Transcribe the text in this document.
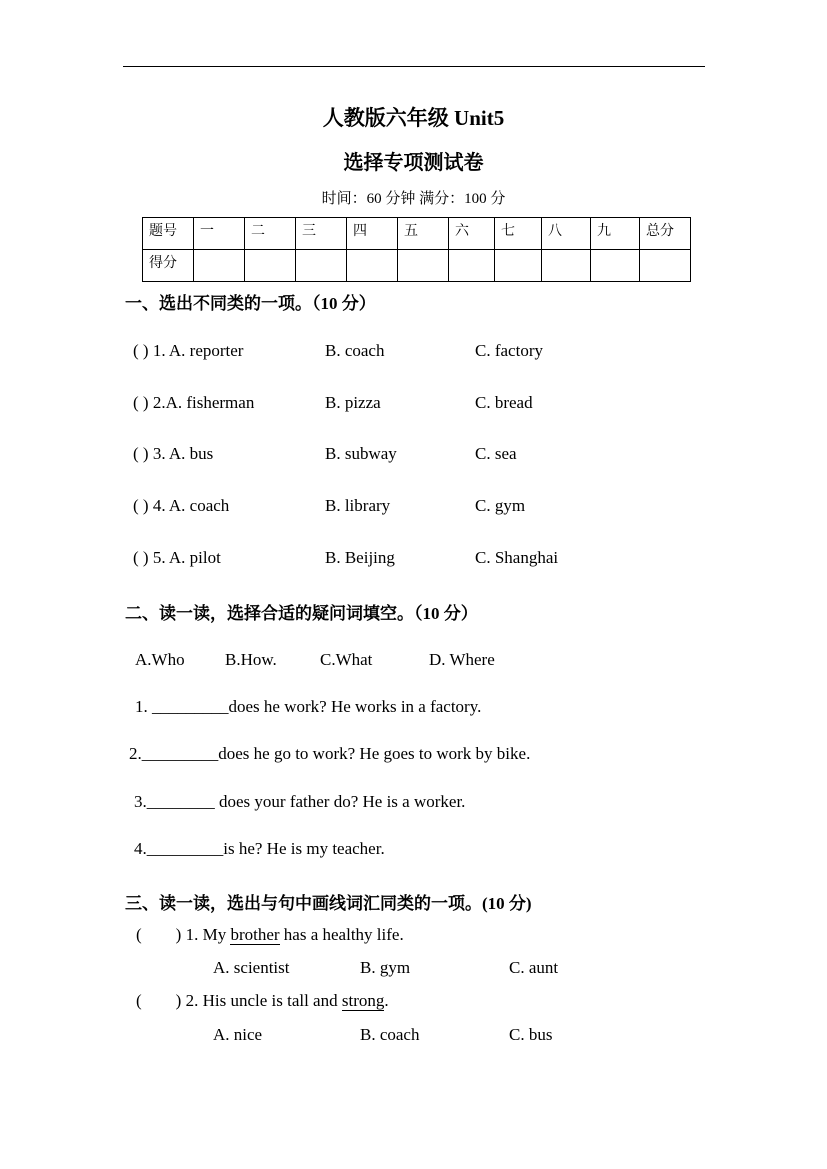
人教版六年级 Unit5
选择专项测试卷
时间：60 分钟 满分：100 分
题号	一	二	三	四	五	六	七	八	九	总分
得分										
一、选出不同类的一项。（10 分）
( ) 1. A. reporter	B. coach	C. factory
( ) 2.A. fisherman	B. pizza	C. bread
( ) 3. A. bus	B. subway	C. sea
( ) 4. A. coach	B. library	C. gym
( ) 5. A. pilot	B. Beijing	C. Shanghai
二、读一读，选择合适的疑问词填空。（10 分）
A.Who B.How.	C.What	D. Where
1. _________does he work? He works in a factory.
2._________does he go to work? He goes to work by bike.
3.________ does your father do? He is a worker.
4._________is he? He is my teacher.
三、读一读，选出与句中画线词汇同类的一项。(10 分)
(        ) 1. My brother has a healthy life.
A. scientist	B. gym	C. aunt
(        ) 2. His uncle is tall and strong.
A. nice	B. coach	C. bus
